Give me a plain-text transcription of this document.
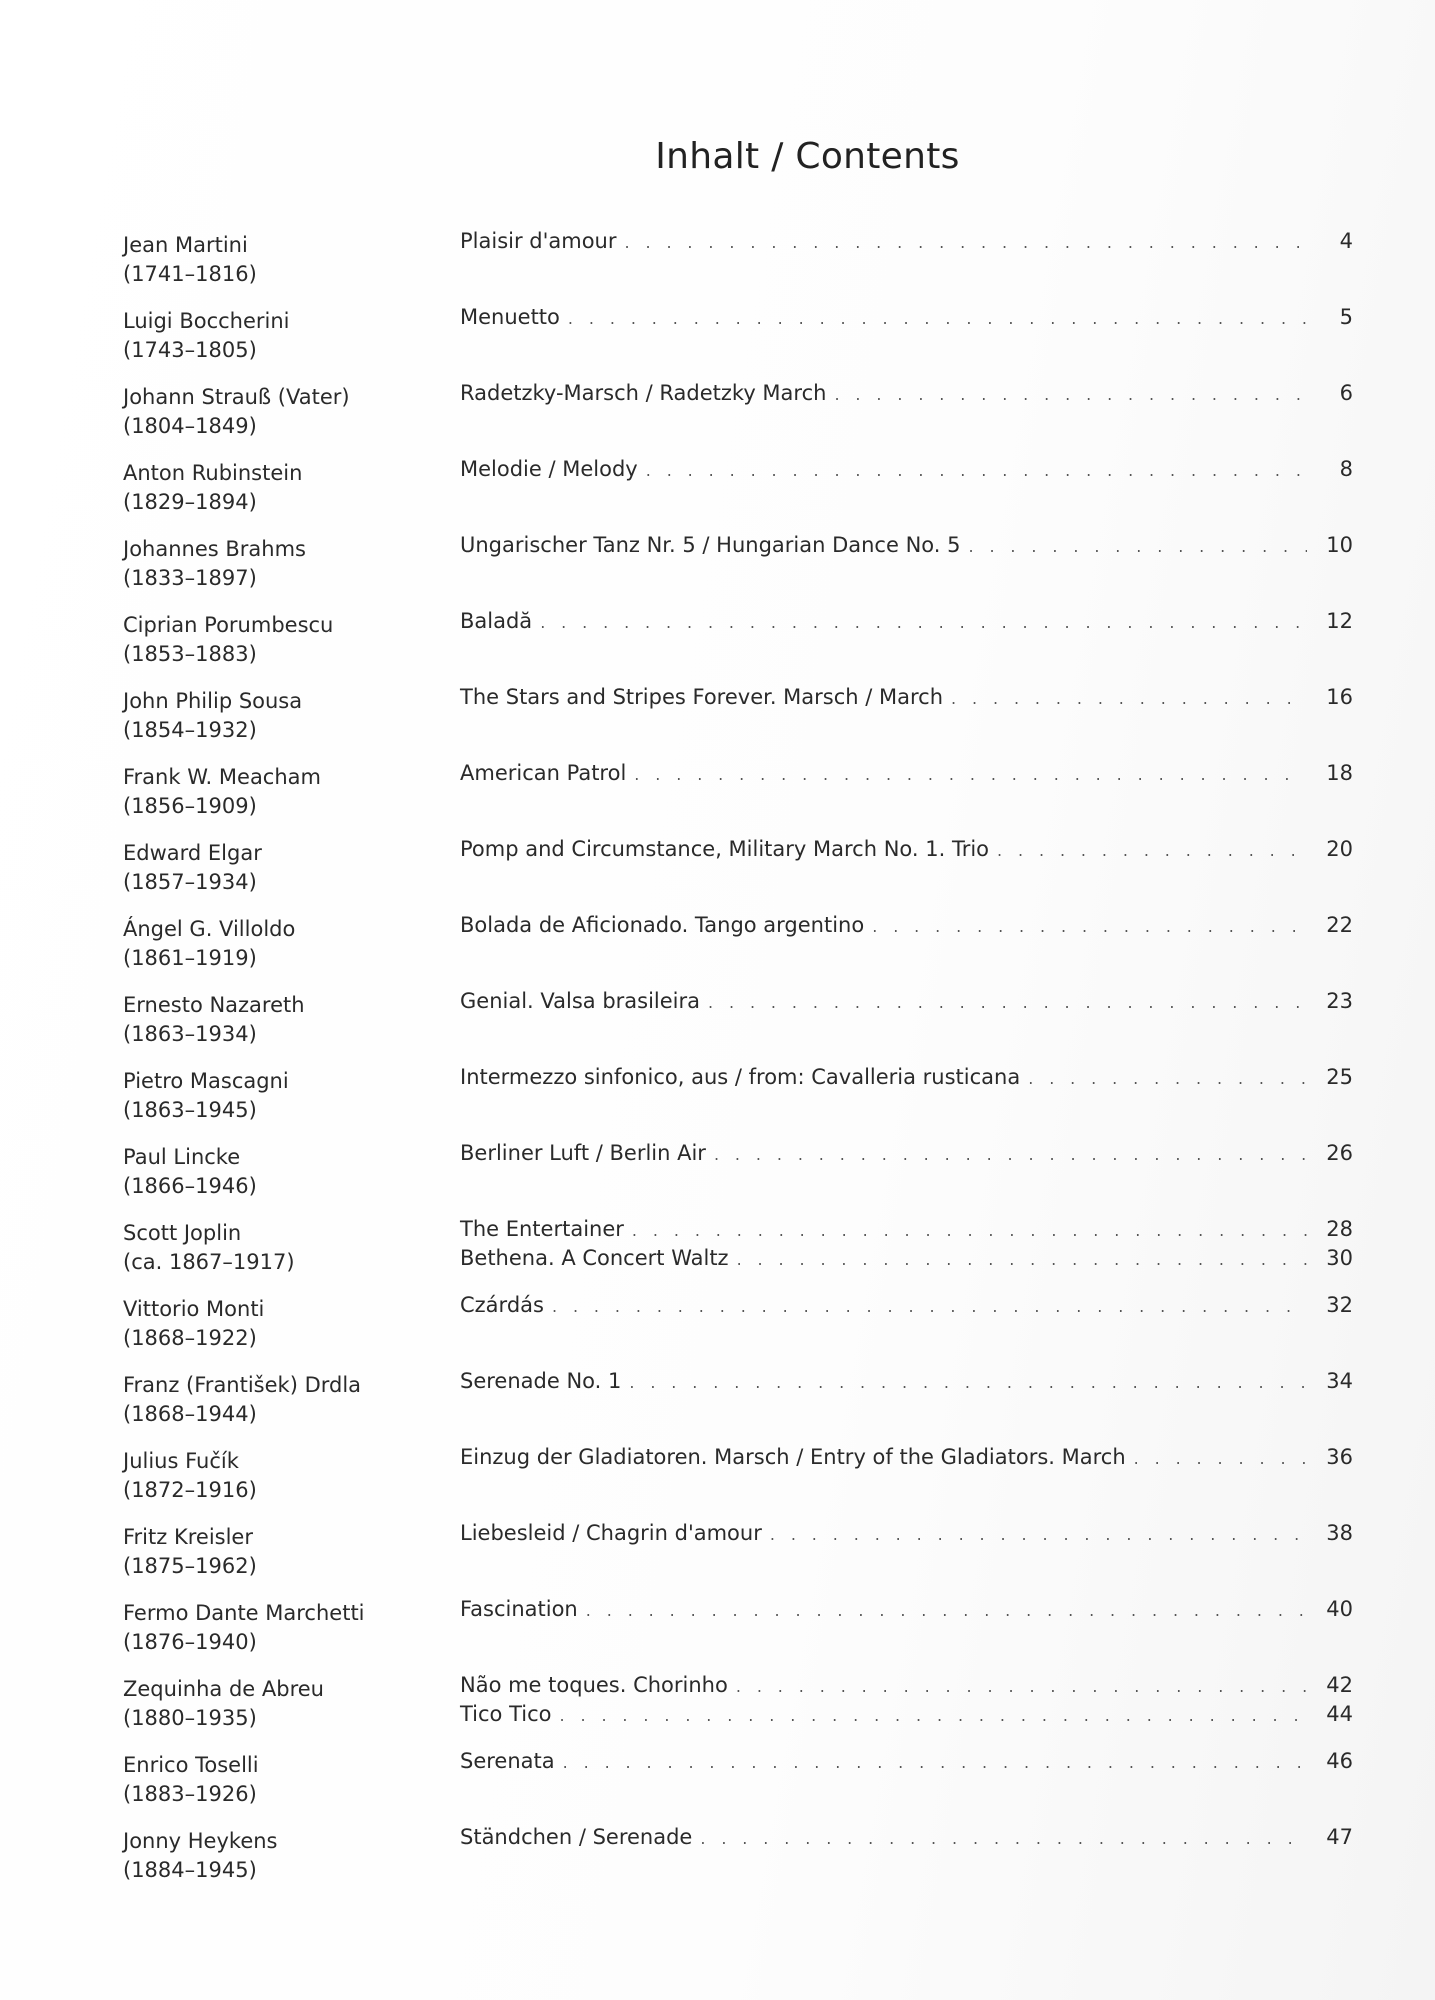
Inhalt / Contents
Jean Martini
(1741–1816)
Plaisir d'amour . . .	4
Luigi Boccherini
(1743–1805)
Menuetto . . .	5
Johann Strauß (Vater)
(1804–1849)
Radetzky-Marsch / Radetzky March . . .	6
Anton Rubinstein
(1829–1894)
Melodie / Melody . . .	8
Johannes Brahms
(1833–1897)
Ungarischer Tanz Nr. 5 / Hungarian Dance No. 5 . . .	10
Ciprian Porumbescu
(1853–1883)
Baladă . . .	12
John Philip Sousa
(1854–1932)
The Stars and Stripes Forever. Marsch / March . . .	16
Frank W. Meacham
(1856–1909)
American Patrol . . .	18
Edward Elgar
(1857–1934)
Pomp and Circumstance, Military March No. 1. Trio . . .	20
Ángel G. Villoldo
(1861–1919)
Bolada de Aficionado. Tango argentino . . .	22
Ernesto Nazareth
(1863–1934)
Genial. Valsa brasileira . . .	23
Pietro Mascagni
(1863–1945)
Intermezzo sinfonico, aus / from: Cavalleria rusticana . . .	25
Paul Lincke
(1866–1946)
Berliner Luft / Berlin Air . . .	26
Scott Joplin
(ca. 1867–1917)
The Entertainer . . .	28
Bethena. A Concert Waltz . . .	30
Vittorio Monti
(1868–1922)
Czárdás . . .	32
Franz (František) Drdla
(1868–1944)
Serenade No. 1 . . .	34
Julius Fučík
(1872–1916)
Einzug der Gladiatoren. Marsch / Entry of the Gladiators. March . . .	36
Fritz Kreisler
(1875–1962)
Liebesleid / Chagrin d'amour . . .	38
Fermo Dante Marchetti
(1876–1940)
Fascination . . .	40
Zequinha de Abreu
(1880–1935)
Não me toques. Chorinho . . .	42
Tico Tico . . .	44
Enrico Toselli
(1883–1926)
Serenata . . .	46
Jonny Heykens
(1884–1945)
Ständchen / Serenade . . .	47
